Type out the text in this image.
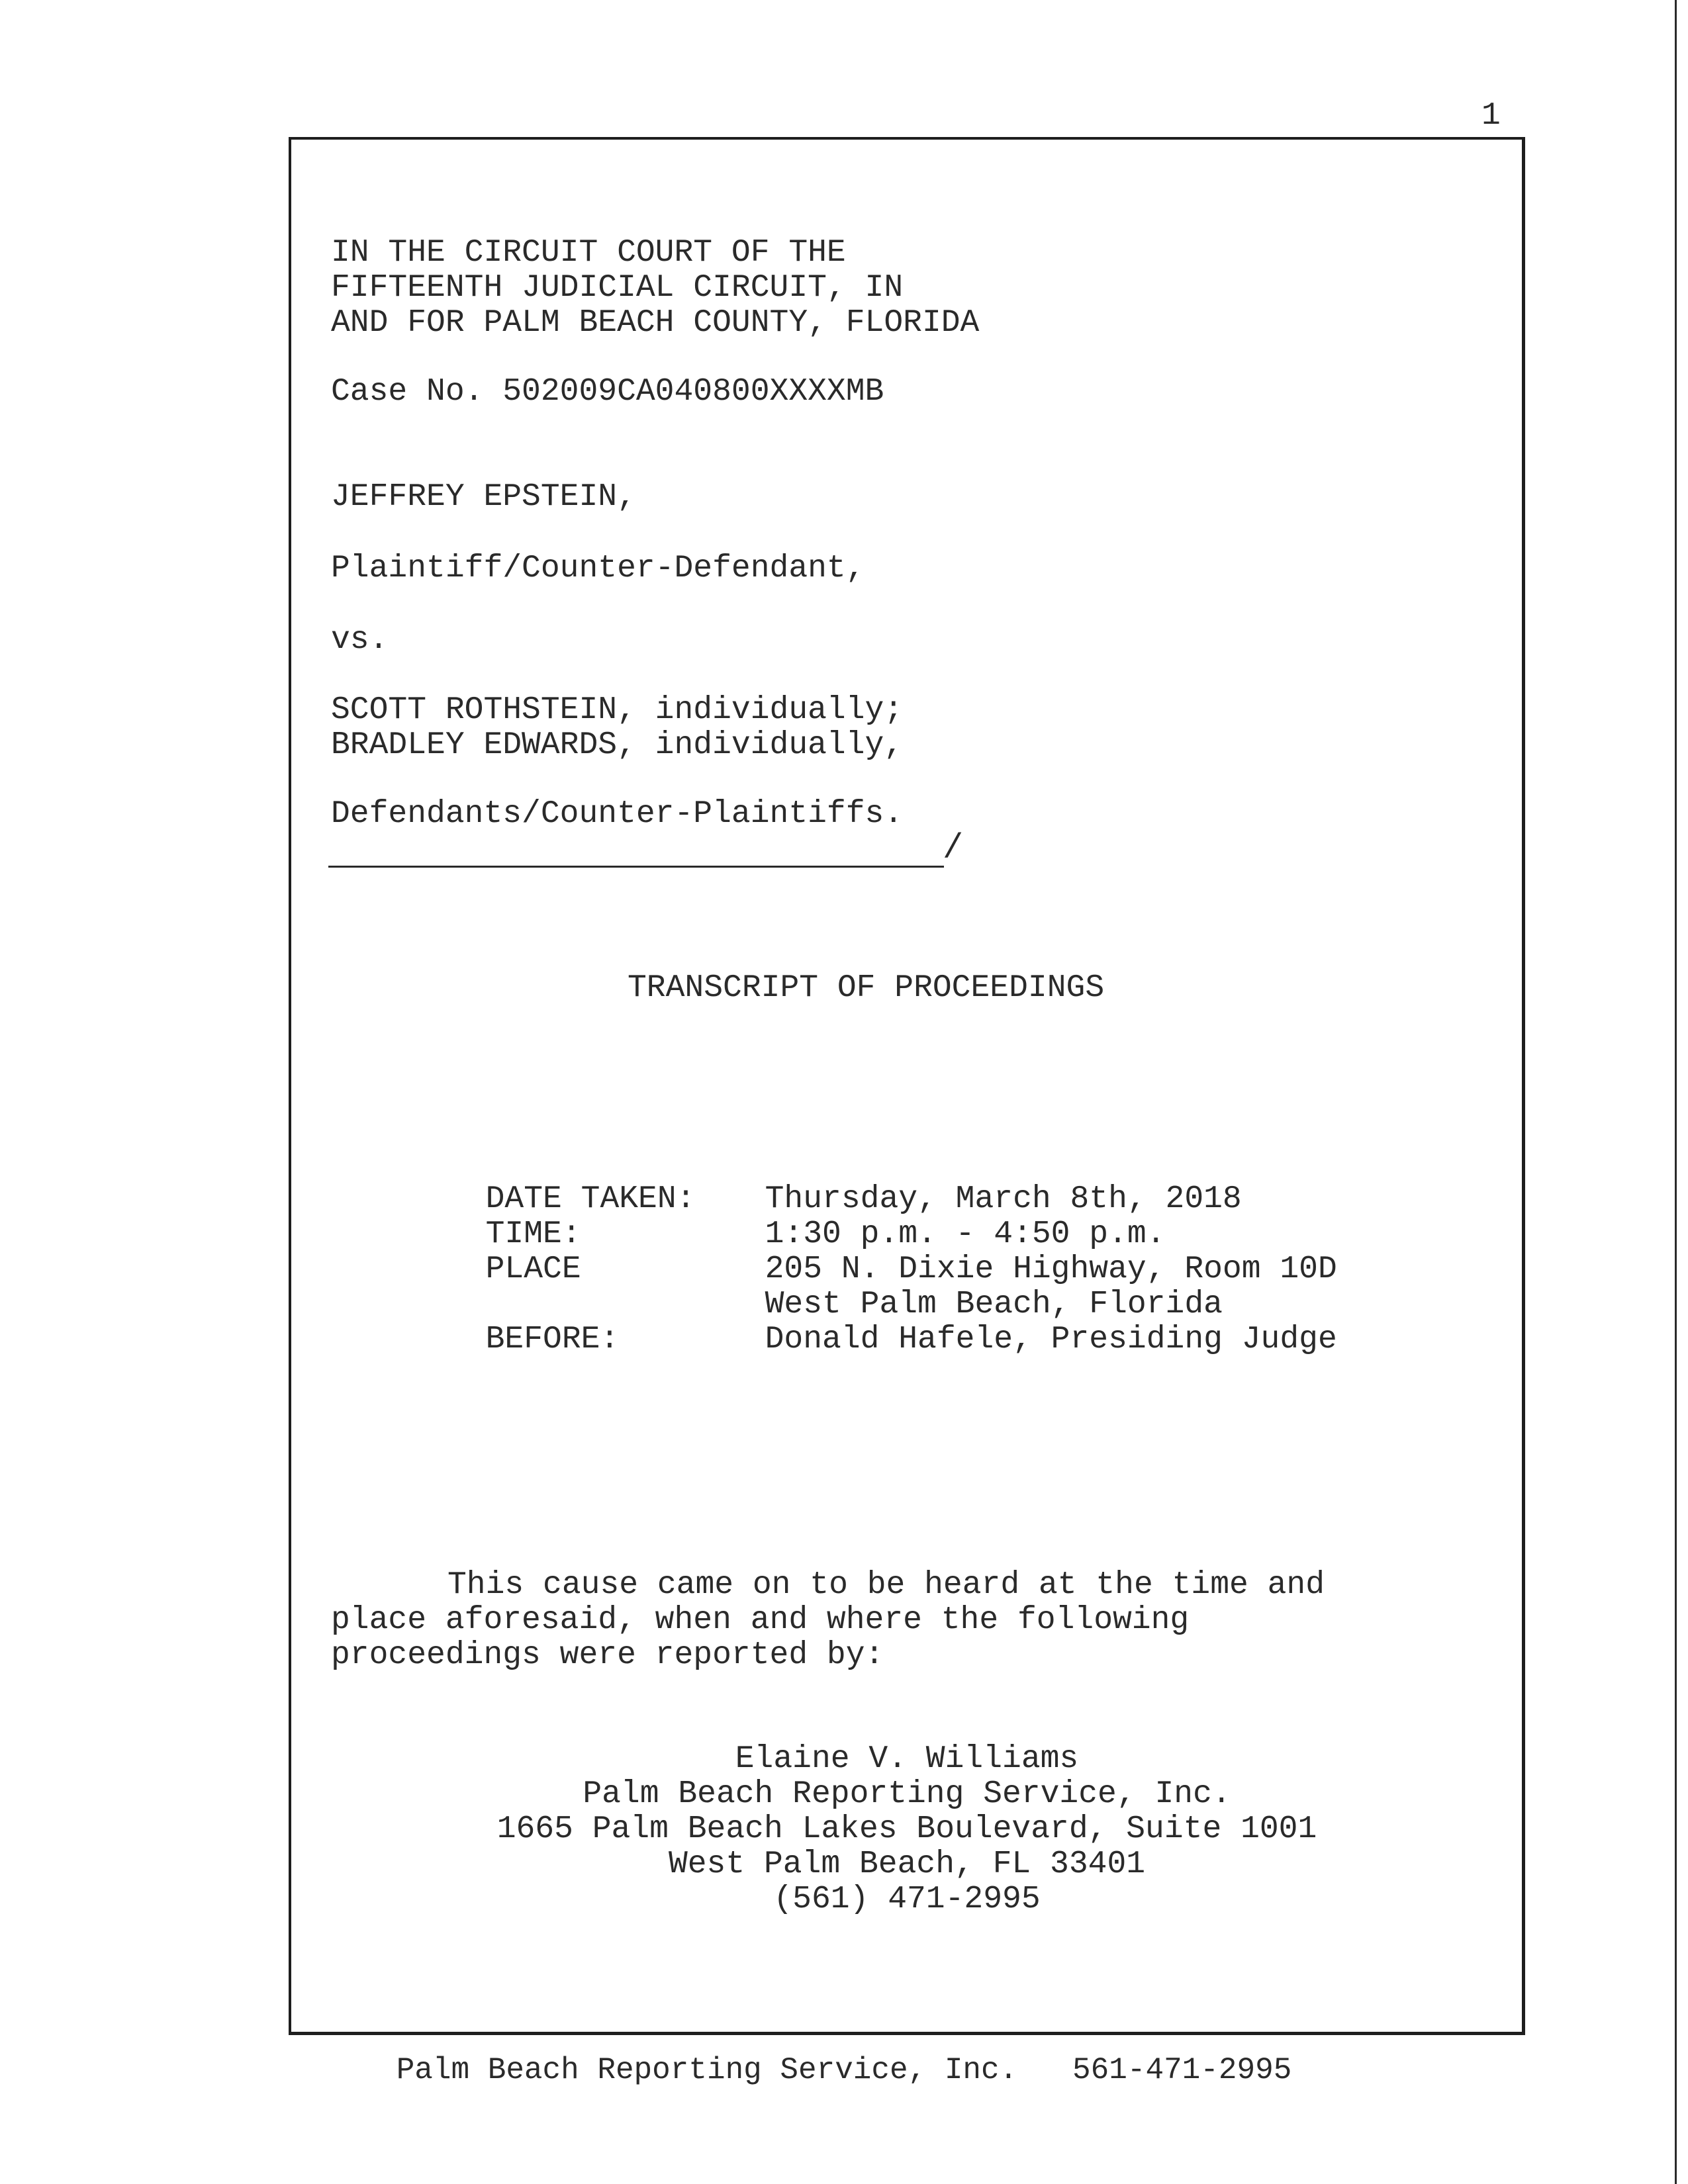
1
IN THE CIRCUIT COURT OF THE
FIFTEENTH JUDICIAL CIRCUIT, IN
AND FOR PALM BEACH COUNTY, FLORIDA
Case No. 502009CA040800XXXXMB
JEFFREY EPSTEIN,
Plaintiff/Counter-Defendant,
vs.
SCOTT ROTHSTEIN, individually;
BRADLEY EDWARDS, individually,
Defendants/Counter-Plaintiffs.
/
TRANSCRIPT OF PROCEEDINGS

DATE TAKEN: Thursday, March 8th, 2018

TIME:	1:30 p.m. - 4:50 p.m.

PLACE	205 N. Dixie Highway, Room 10D

West Palm Beach, Florida

BEFORE:	Donald Hafele, Presiding Judge

This cause came on to be heard at the time and
place aforesaid, when and where the following
proceedings were reported by:
Elaine V. Williams
Palm Beach Reporting Service, Inc.
1665 Palm Beach Lakes Boulevard, Suite 1001
West Palm Beach, FL 33401
(561) 471-2995
Palm Beach Reporting Service, Inc.   561-471-2995
